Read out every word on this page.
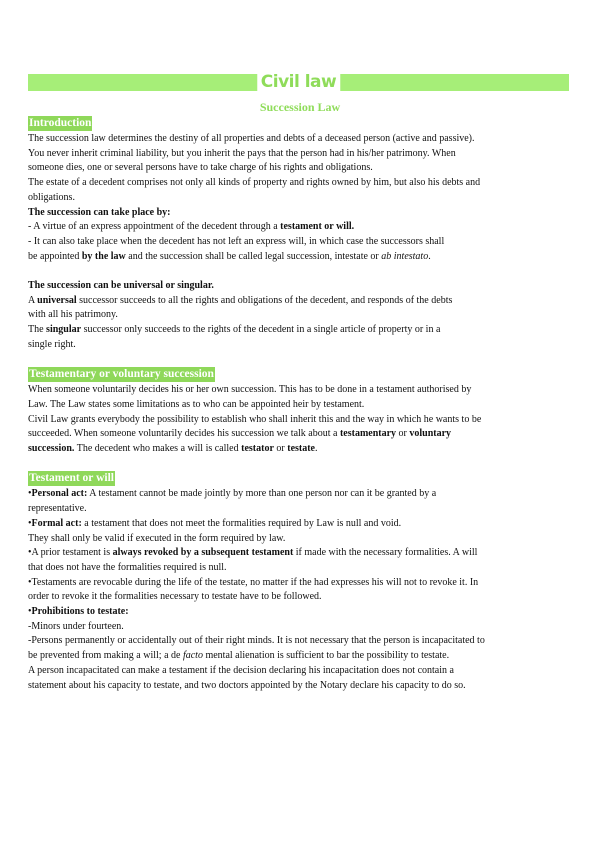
Civil law
Succession Law
Introduction
The succession law determines the destiny of all properties and debts of a deceased person (active and passive).
You never inherit criminal liability, but you inherit the pays that the person had in his/her patrimony. When
someone dies, one or several persons have to take charge of his rights and obligations.
The estate of a decedent comprises not only all kinds of property and rights owned by him, but also his debts and
obligations.
The succession can take place by:
- A virtue of an express appointment of the decedent through a testament or will.
- It can also take place when the decedent has not left an express will, in which case the successors shall
be appointed by the law and the succession shall be called legal succession, intestate or ab intestato.
The succession can be universal or singular.
A universal successor succeeds to all the rights and obligations of the decedent, and responds of the debts
with all his patrimony.
The singular successor only succeeds to the rights of the decedent in a single article of property or in a
single right.
Testamentary or voluntary succession
When someone voluntarily decides his or her own succession. This has to be done in a testament authorised by
Law. The Law states some limitations as to who can be appointed heir by testament.
Civil Law grants everybody the possibility to establish who shall inherit this and the way in which he wants to be
succeeded. When someone voluntarily decides his succession we talk about a testamentary or voluntary
succession. The decedent who makes a will is called testator or testate.
Testament or will
•Personal act: A testament cannot be made jointly by more than one person nor can it be granted by a
representative.
•Formal act: a testament that does not meet the formalities required by Law is null and void.
They shall only be valid if executed in the form required by law.
•A prior testament is always revoked by a subsequent testament if made with the necessary formalities. A will
that does not have the formalities required is null.
•Testaments are revocable during the life of the testate, no matter if the had expresses his will not to revoke it. In
order to revoke it the formalities necessary to testate have to be followed.
•Prohibitions to testate:
-Minors under fourteen.
-Persons permanently or accidentally out of their right minds. It is not necessary that the person is incapacitated to
be prevented from making a will; a de facto mental alienation is sufficient to bar the possibility to testate.
A person incapacitated can make a testament if the decision declaring his incapacitation does not contain a
statement about his capacity to testate, and two doctors appointed by the Notary declare his capacity to do so.
